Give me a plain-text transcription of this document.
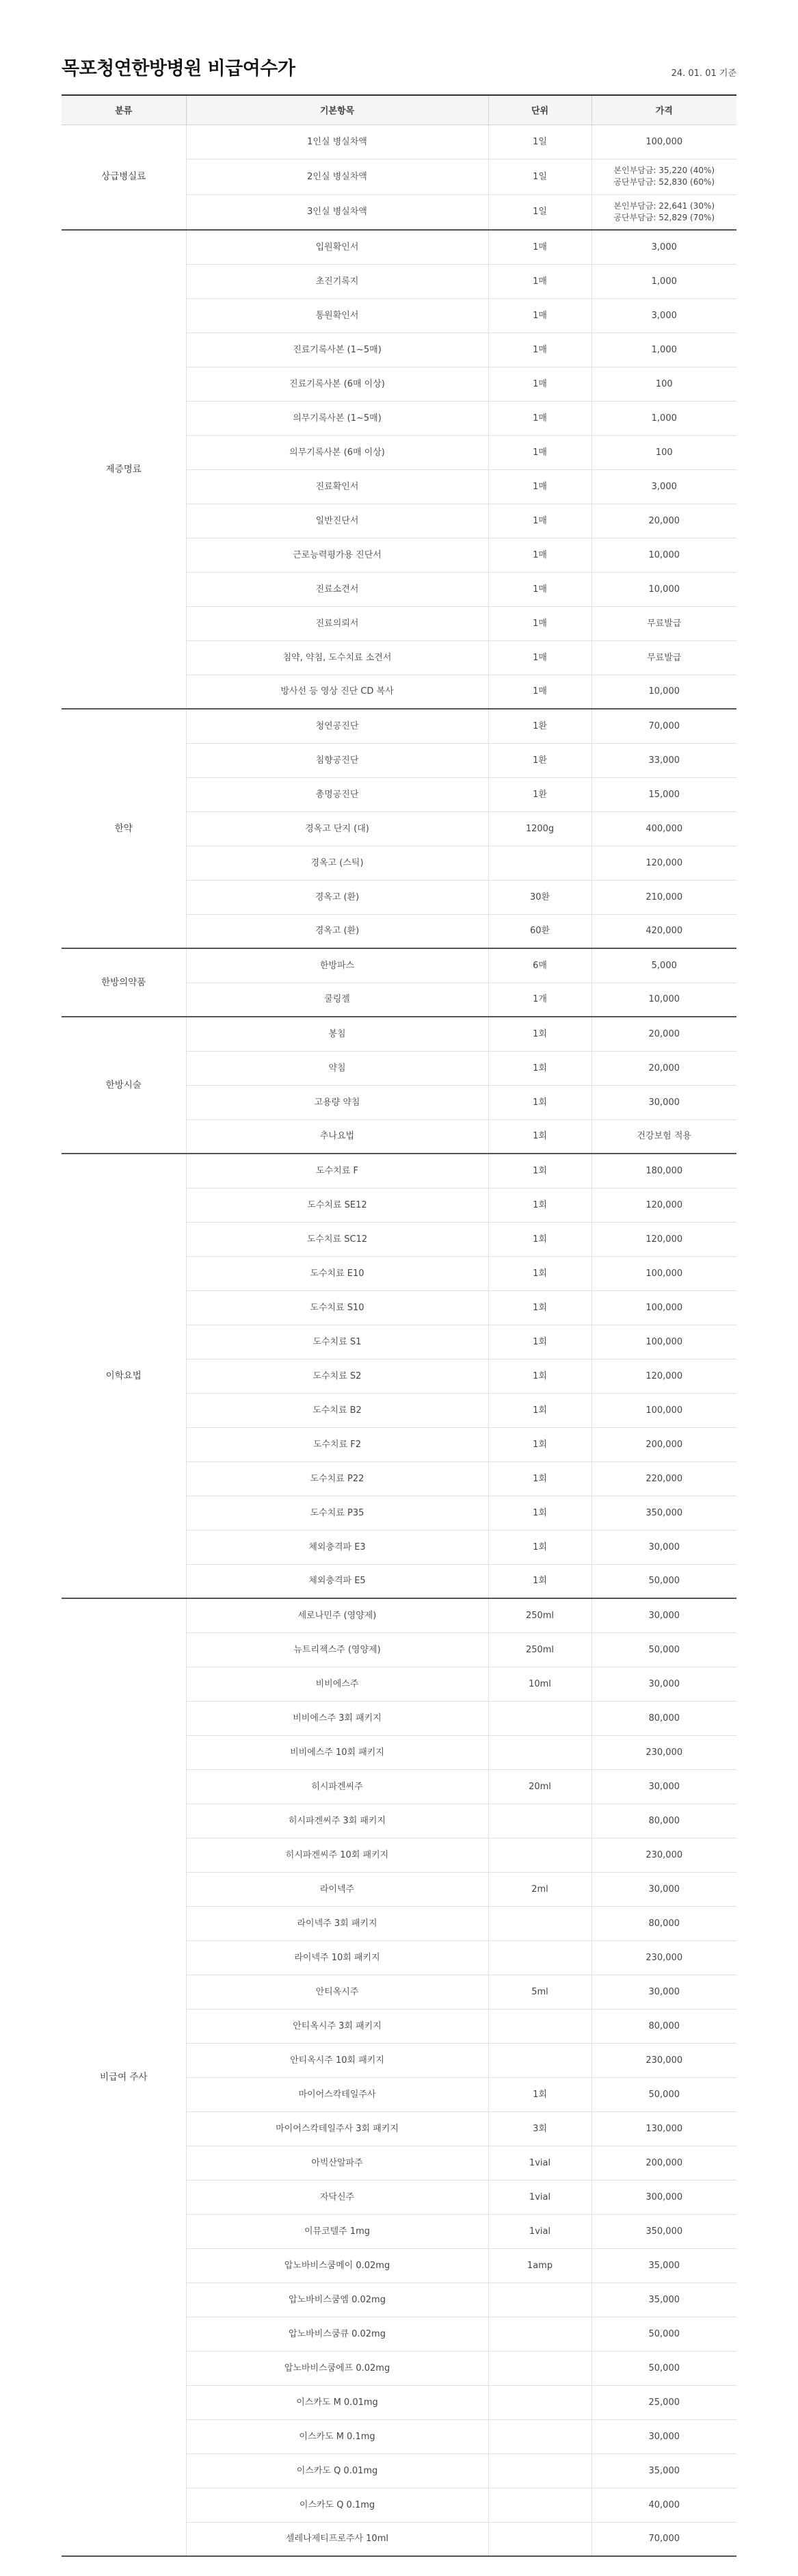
목포청연한방병원 비급여수가	24. 01. 01 기준
분류	기본항목	단위	가격
상급병실료	1인실 병실차액	1일	100,000

	2인실 병실차액	1일	본인부담금: 35,220 (40%)
공단부담금: 52,830 (60%)

	3인실 병실차액	1일	본인부담금: 22,641 (30%)
공단부담금: 52,829 (70%)

제증명료	입원확인서	1매	3,000

	초진기록지	1매	1,000

	통원확인서	1매	3,000

	진료기록사본 (1~5매)	1매	1,000

	진료기록사본 (6매 이상)	1매	100

	의무기록사본 (1~5매)	1매	1,000

	의무기록사본 (6매 이상)	1매	100

	진료확인서	1매	3,000

	일반진단서	1매	20,000

	근로능력평가용 진단서	1매	10,000

	진료소견서	1매	10,000

	진료의뢰서	1매	무료발급

	침약, 약침, 도수치료 소견서	1매	무료발급

	방사선 등 영상 진단 CD 복사	1매	10,000

한약	청연공진단	1환	70,000

	침향공진단	1환	33,000

	총명공진단	1환	15,000

	경옥고 단지 (대)	1200g	400,000

	경옥고 (스틱)		120,000

	경옥고 (환)	30환	210,000

	경옥고 (환)	60환	420,000

한방의약품	한방파스	6매	5,000

	쿨링젤	1개	10,000

한방시술	봉침	1회	20,000

	약침	1회	20,000

	고용량 약침	1회	30,000

	추나요법	1회	건강보험 적용

이학요법	도수치료 F	1회	180,000

	도수치료 SE12	1회	120,000

	도수치료 SC12	1회	120,000

	도수치료 E10	1회	100,000

	도수치료 S10	1회	100,000

	도수치료 S1	1회	100,000

	도수치료 S2	1회	120,000

	도수치료 B2	1회	100,000

	도수치료 F2	1회	200,000

	도수치료 P22	1회	220,000

	도수치료 P35	1회	350,000

	체외충격파 E3	1회	30,000

	체외충격파 E5	1회	50,000

비급여 주사	세로나민주 (영양제)	250ml	30,000

	뉴트리젝스주 (영양제)	250ml	50,000

	비비에스주	10ml	30,000

	비비에스주 3회 패키지		80,000

	비비에스주 10회 패키지		230,000

	히시파겐씨주	20ml	30,000

	히시파겐씨주 3회 패키지		80,000

	히시파겐씨주 10회 패키지		230,000

	라이넥주	2ml	30,000

	라이넥주 3회 패키지		80,000

	라이넥주 10회 패키지		230,000

	안티옥시주	5ml	30,000

	안티옥시주 3회 패키지		80,000

	안티옥시주 10회 패키지		230,000

	마이어스칵테일주사	1회	50,000

	마이어스칵테일주사 3회 패키지	3회	130,000

	아빅산알파주	1vial	200,000

	자닥신주	1vial	300,000

	이뮤코텔주 1mg	1vial	350,000

	압노바비스쿰메이 0.02mg	1amp	35,000

	압노바비스쿰엠 0.02mg		35,000

	압노바비스쿰큐 0.02mg		50,000

	압노바비스쿰에프 0.02mg		50,000

	이스카도 M 0.01mg		25,000

	이스카도 M 0.1mg		30,000

	이스카도 Q 0.01mg		35,000

	이스카도 Q 0.1mg		40,000

	셀레나제티프로주사 10ml		70,000
